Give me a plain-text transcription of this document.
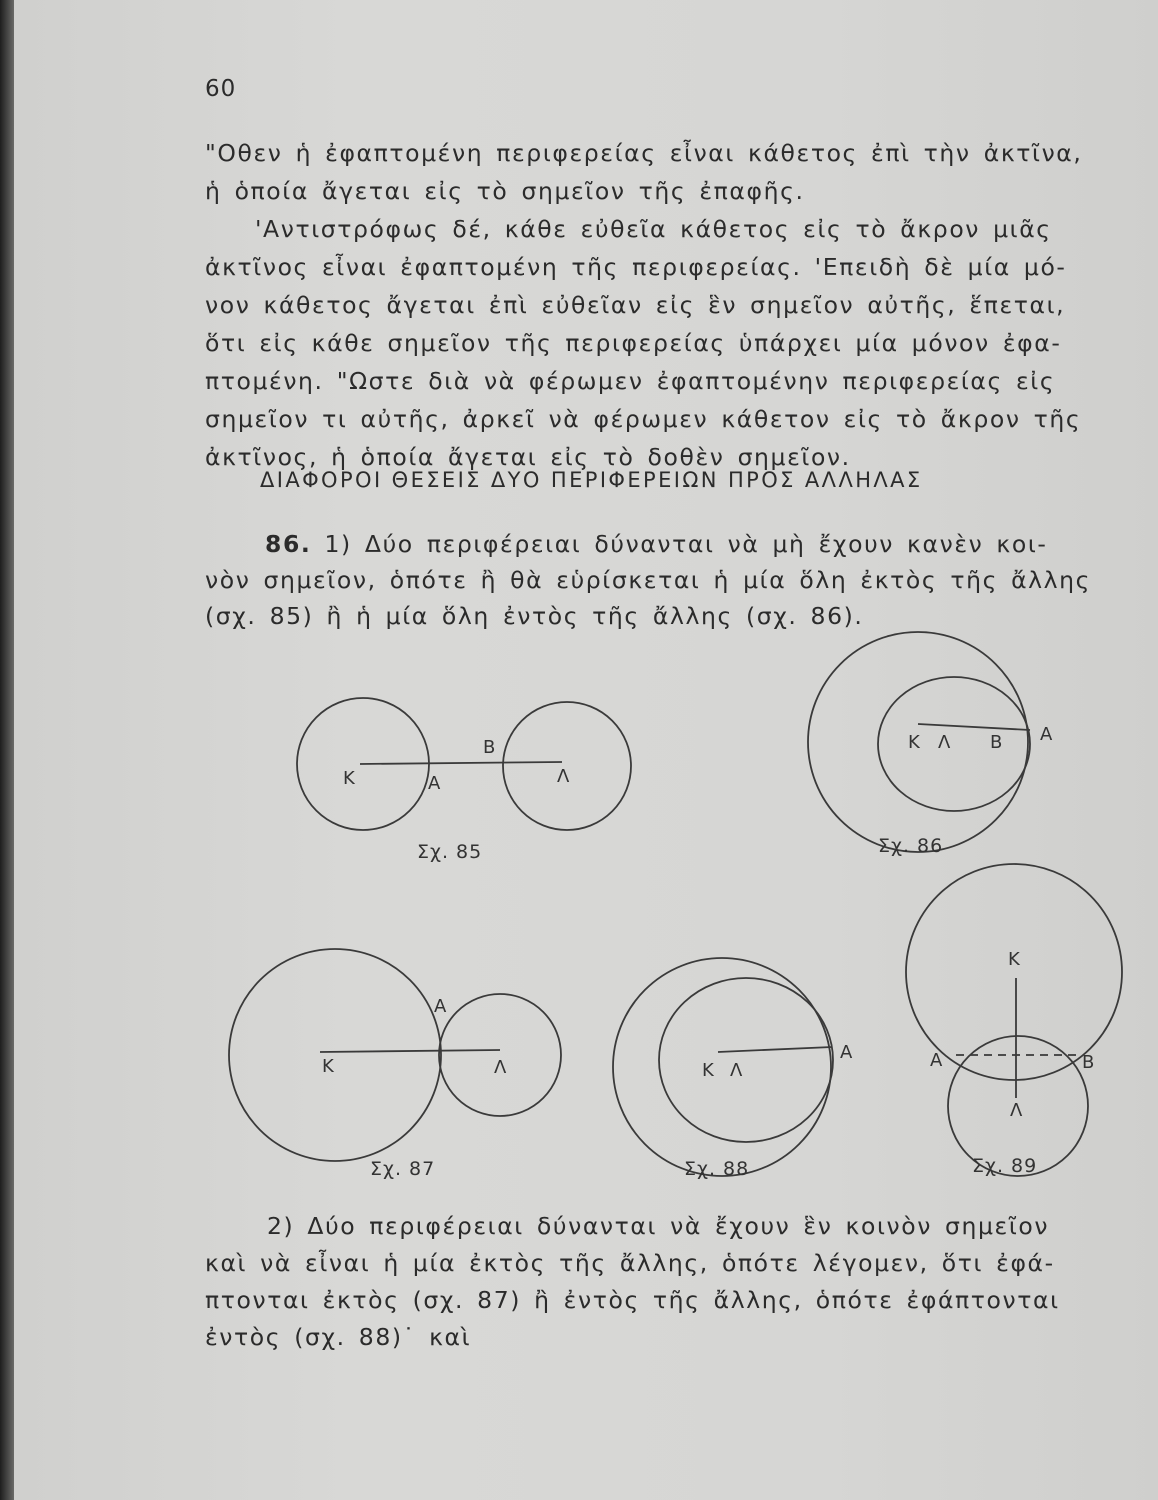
60
"Οθεν ἡ ἐφαπτομένη περιφερείας εἶναι κάθετος ἐπὶ τὴν ἀκτῖνα,
ἡ ὁποία ἄγεται εἰς τὸ σημεῖον τῆς ἐπαφῆς.
'Αντιστρόφως δέ, κάθε εὐθεῖα κάθετος εἰς τὸ ἄκρον μιᾶς
ἀκτῖνος εἶναι ἐφαπτομένη τῆς περιφερείας. 'Επειδὴ δὲ μία μό-
νον κάθετος ἄγεται ἐπὶ εὐθεῖαν εἰς ἓν σημεῖον αὐτῆς, ἕπεται,
ὅτι εἰς κάθε σημεῖον τῆς περιφερείας ὑπάρχει μία μόνον ἐφα-
πτομένη. "Ωστε διὰ νὰ φέρωμεν ἐφαπτομένην περιφερείας εἰς
σημεῖον τι αὐτῆς, ἀρκεῖ νὰ φέρωμεν κάθετον εἰς τὸ ἄκρον τῆς
ἀκτῖνος, ἡ ὁποία ἄγεται εἰς τὸ δοθὲν σημεῖον.
ΔΙΑΦΟΡΟΙ ΘΕΣΕΙΣ ΔΥΟ ΠΕΡΙΦΕΡΕΙΩΝ ΠΡΟΣ ΑΛΛΗΛΑΣ
86. 1) Δύο περιφέρειαι δύνανται νὰ μὴ ἔχουν κανὲν κοι-
νὸν σημεῖον, ὁπότε ἢ θὰ εὑρίσκεται ἡ μία ὅλη ἐκτὸς τῆς ἄλλης
(σχ. 85) ἢ ἡ μία ὅλη ἐντὸς τῆς ἄλλης (σχ. 86).
Κ	Α
Β
Λ
Σχ. 85
Κ Λ Β Α
Σχ. 86
Κ
Α
Λ
Σχ. 87
Κ Λ
Α
Σχ. 88
Κ
Α	Β
Λ
Σχ. 89
2) Δύο περιφέρειαι δύνανται νὰ ἔχουν ἓν κοινὸν σημεῖον
καὶ νὰ εἶναι ἡ μία ἐκτὸς τῆς ἄλλης, ὁπότε λέγομεν, ὅτι ἐφά-
πτονται ἐκτὸς (σχ. 87) ἢ ἐντὸς τῆς ἄλλης, ὁπότε ἐφάπτονται
ἐντὸς (σχ. 88)˙ καὶ
